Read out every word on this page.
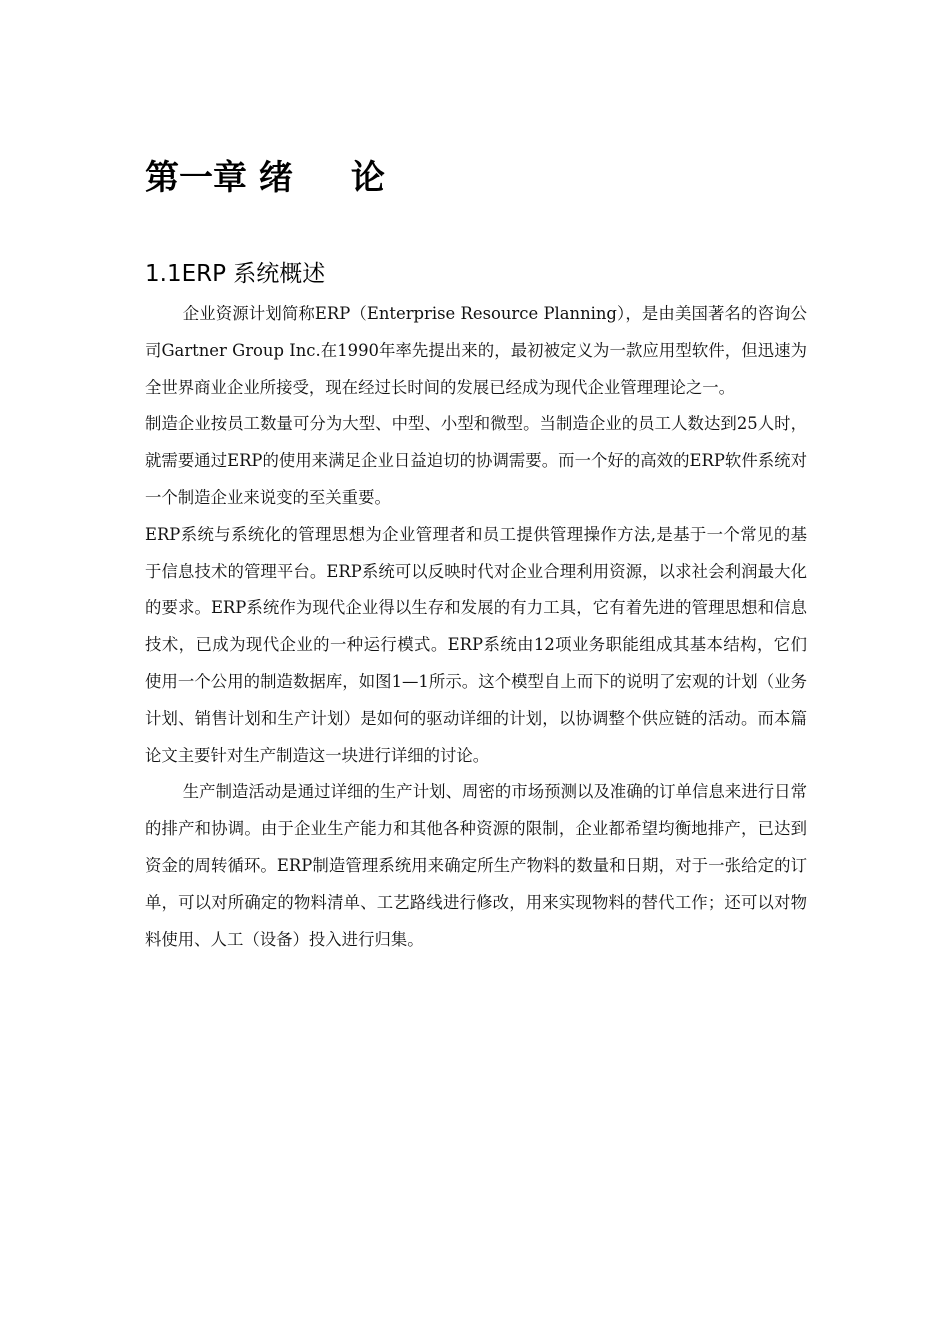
第一章 绪 论
1.1ERP 系统概述

企业资源计划简称ERP（Enterprise Resource Planning），是由美国著名的咨询公司Gartner Group Inc.在1990年率先提出来的，最初被定义为一款应用型软件，但迅速为全世界商业企业所接受，现在经过长时间的发展已经成为现代企业管理理论之一。

制造企业按员工数量可分为大型、中型、小型和微型。当制造企业的员工人数达到25人时，就需要通过ERP的使用来满足企业日益迫切的协调需要。而一个好的高效的ERP软件系统对一个制造企业来说变的至关重要。

ERP系统与系统化的管理思想为企业管理者和员工提供管理操作方法,是基于一个常见的基于信息技术的管理平台。ERP系统可以反映时代对企业合理利用资源，以求社会利润最大化的要求。ERP系统作为现代企业得以生存和发展的有力工具，它有着先进的管理思想和信息技术，已成为现代企业的一种运行模式。ERP系统由12项业务职能组成其基本结构，它们使用一个公用的制造数据库，如图1—1所示。这个模型自上而下的说明了宏观的计划（业务计划、销售计划和生产计划）是如何的驱动详细的计划，以协调整个供应链的活动。而本篇论文主要针对生产制造这一块进行详细的讨论。

生产制造活动是通过详细的生产计划、周密的市场预测以及准确的订单信息来进行日常的排产和协调。由于企业生产能力和其他各种资源的限制，企业都希望均衡地排产，已达到资金的周转循环。ERP制造管理系统用来确定所生产物料的数量和日期，对于一张给定的订单，可以对所确定的物料清单、工艺路线进行修改，用来实现物料的替代工作；还可以对物料使用、人工（设备）投入进行归集。
